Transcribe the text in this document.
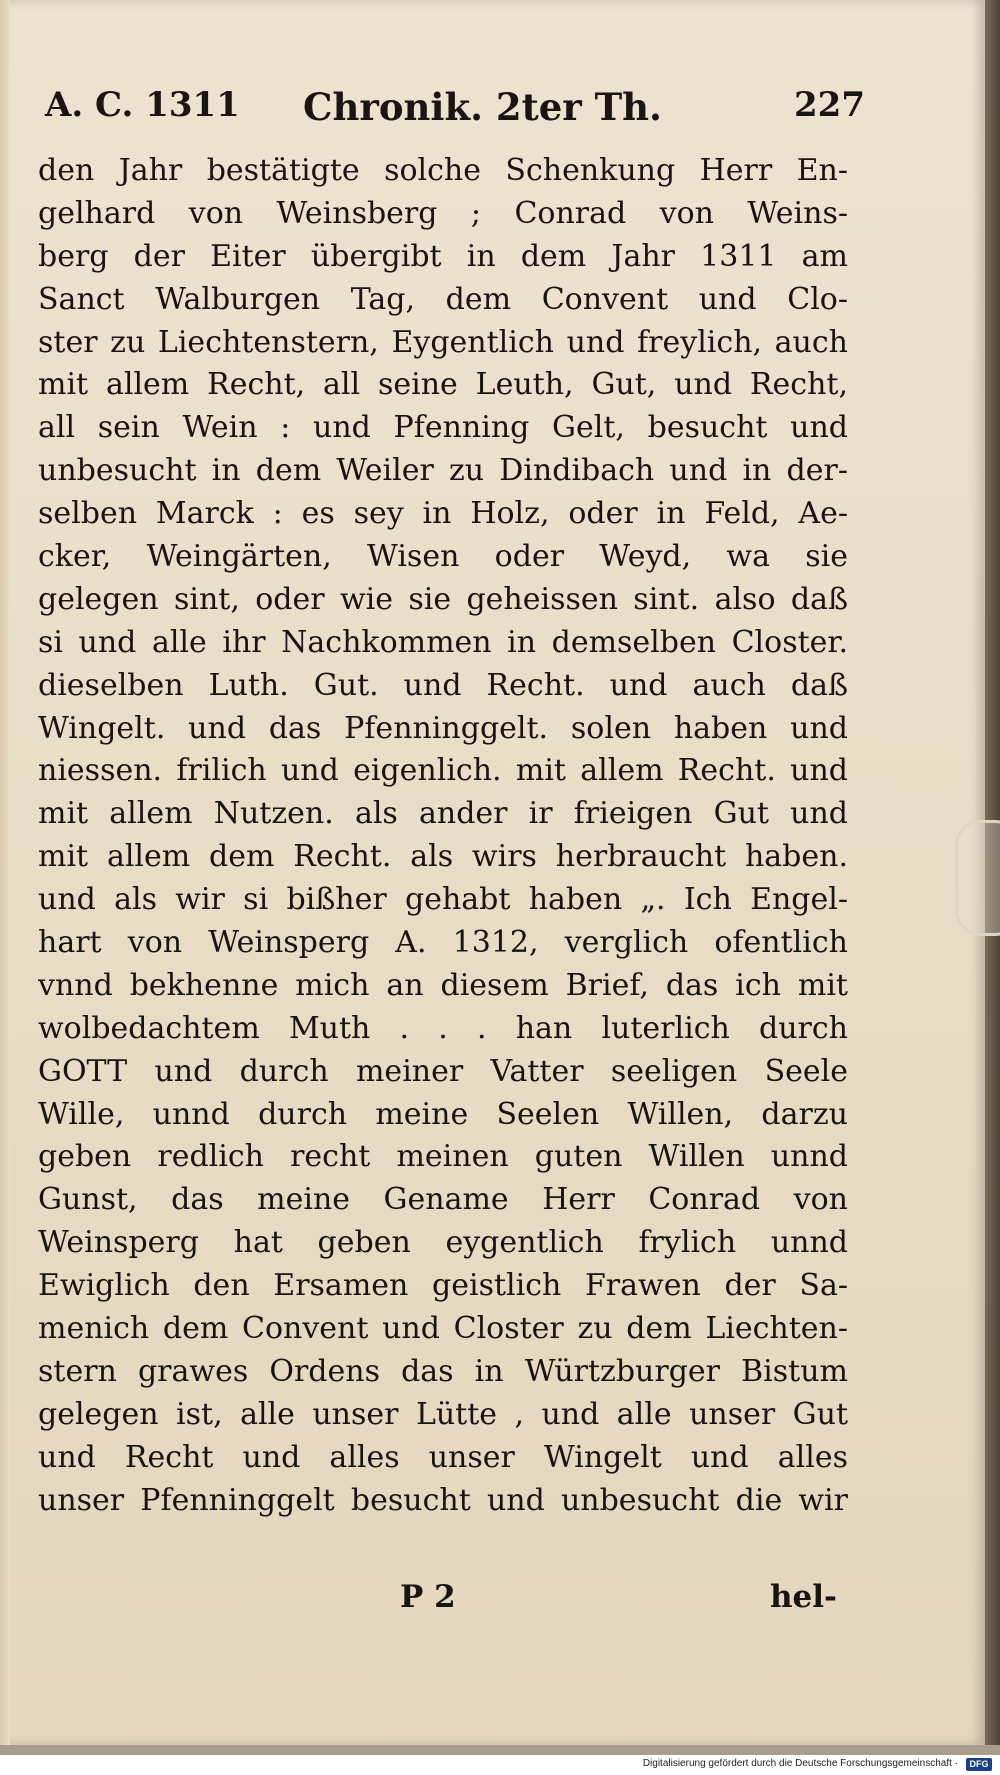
A. C. 1311 Chronik. 2ter Th.	227
den Jahr bestätigte solche Schenkung Herr En-
gelhard von Weinsberg ; Conrad von Weins-
berg der Eiter übergibt in dem Jahr 1311 am
Sanct Walburgen Tag, dem Convent und Clo-
ster zu Liechtenstern, Eygentlich und freylich, auch
mit allem Recht, all seine Leuth, Gut, und Recht,
all sein Wein : und Pfenning Gelt, besucht und
unbesucht in dem Weiler zu Dindibach und in der-
selben Marck : es sey in Holz, oder in Feld, Ae-
cker, Weingärten, Wisen oder Weyd, wa sie
gelegen sint, oder wie sie geheissen sint. also daß
si und alle ihr Nachkommen in demselben Closter.
dieselben Luth. Gut. und Recht. und auch daß
Wingelt. und das Pfenninggelt. solen haben und
niessen. frilich und eigenlich. mit allem Recht. und
mit allem Nutzen. als ander ir frieigen Gut und
mit allem dem Recht. als wirs herbraucht haben.
und als wir si bißher gehabt haben „. Ich Engel-
hart von Weinsperg A. 1312, verglich ofentlich
vnnd bekhenne mich an diesem Brief, das ich mit
wolbedachtem Muth . . . han luterlich durch
GOTT und durch meiner Vatter seeligen Seele
Wille, unnd durch meine Seelen Willen, darzu
geben redlich recht meinen guten Willen unnd
Gunst, das meine Gename Herr Conrad von
Weinsperg hat geben eygentlich frylich unnd
Ewiglich den Ersamen geistlich Frawen der Sa-
menich dem Convent und Closter zu dem Liechten-
stern grawes Ordens das in Würtzburger Bistum
gelegen ist, alle unser Lütte , und alle unser Gut
und Recht und alles unser Wingelt und alles
unser Pfenninggelt besucht und unbesucht die wir
P 2	hel-
Digitalisierung gefördert durch die Deutsche Forschungsgemeinschaft ·	DFG
